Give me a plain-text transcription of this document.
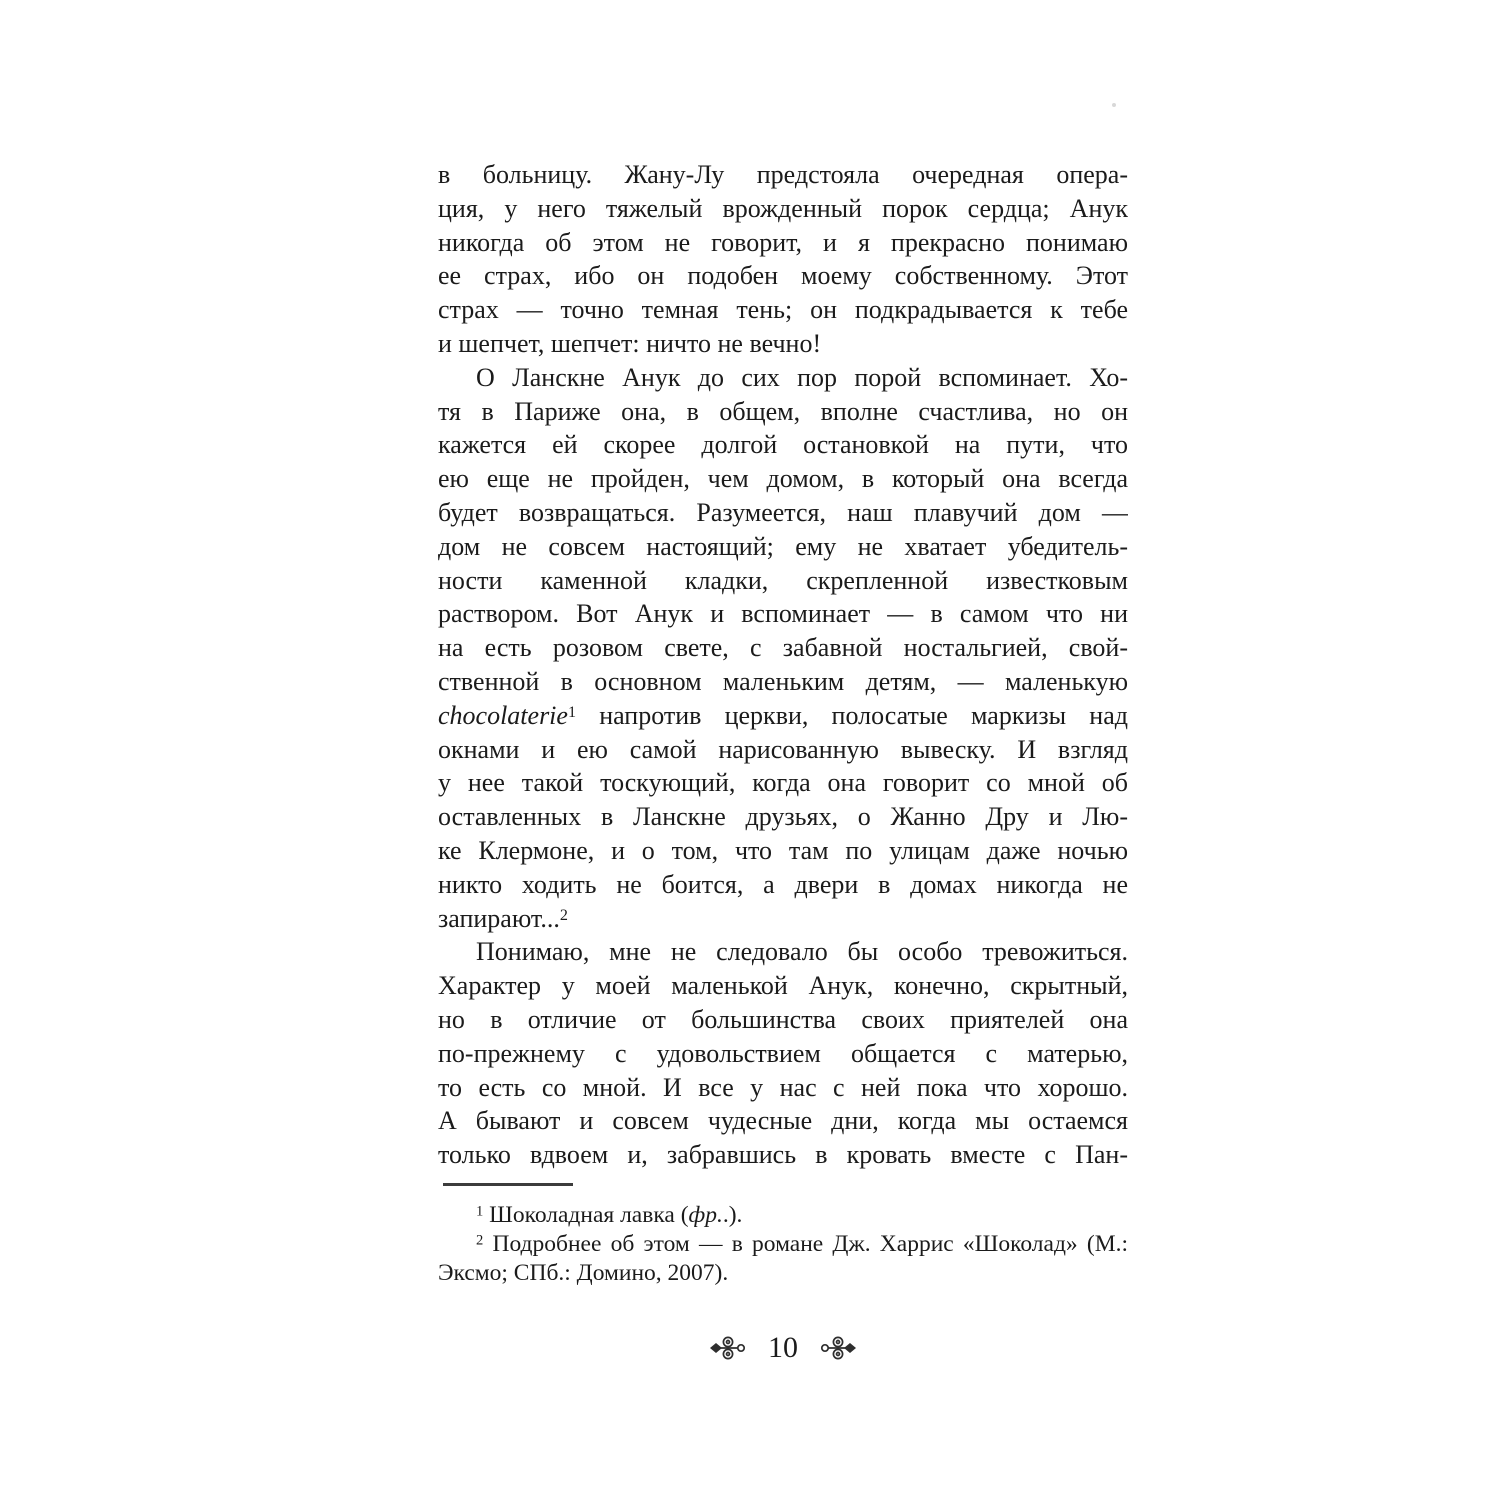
в больницу. Жану-Лу предстояла очередная опера-
ция, у него тяжелый врожденный порок сердца; Анук
никогда об этом не говорит, и я прекрасно понимаю
ее страх, ибо он подобен моему собственному. Этот
страх — точно темная тень; он подкрадывается к тебе
и шепчет, шепчет: ничто не вечно!
О Ланскне Анук до сих пор порой вспоминает. Хо-
тя в Париже она, в общем, вполне счастлива, но он
кажется ей скорее долгой остановкой на пути, что
ею еще не пройден, чем домом, в который она всегда
будет возвращаться. Разумеется, наш плавучий дом —
дом не совсем настоящий; ему не хватает убедитель-
ности каменной кладки, скрепленной известковым
раствором. Вот Анук и вспоминает — в самом что ни
на есть розовом свете, с забавной ностальгией, свой-
ственной в основном маленьким детям, — маленькую
chocolaterie$^1$ напротив церкви, полосатые маркизы над
окнами и ею самой нарисованную вывеску. И взгляд
у нее такой тоскующий, когда она говорит со мной об
оставленных в Ланскне друзьях, о Жанно Дру и Лю-
ке Клермоне, и о том, что там по улицам даже ночью
никто ходить не боится, а двери в домах никогда не
запирают...$^2$
Понимаю, мне не следовало бы особо тревожиться.
Характер у моей маленькой Анук, конечно, скрытный,
но в отличие от большинства своих приятелей она
по-прежнему с удовольствием общается с матерью,
то есть со мной. И все у нас с ней пока что хорошо.
А бывают и совсем чудесные дни, когда мы остаемся
только вдвоем и, забравшись в кровать вместе с Пан-
$^1$ Шоколадная лавка (фр..).
$^2$ Подробнее об этом — в романе Дж. Харрис «Шоколад» (М.:
Эксмо; СПб.: Домино, 2007).
10
